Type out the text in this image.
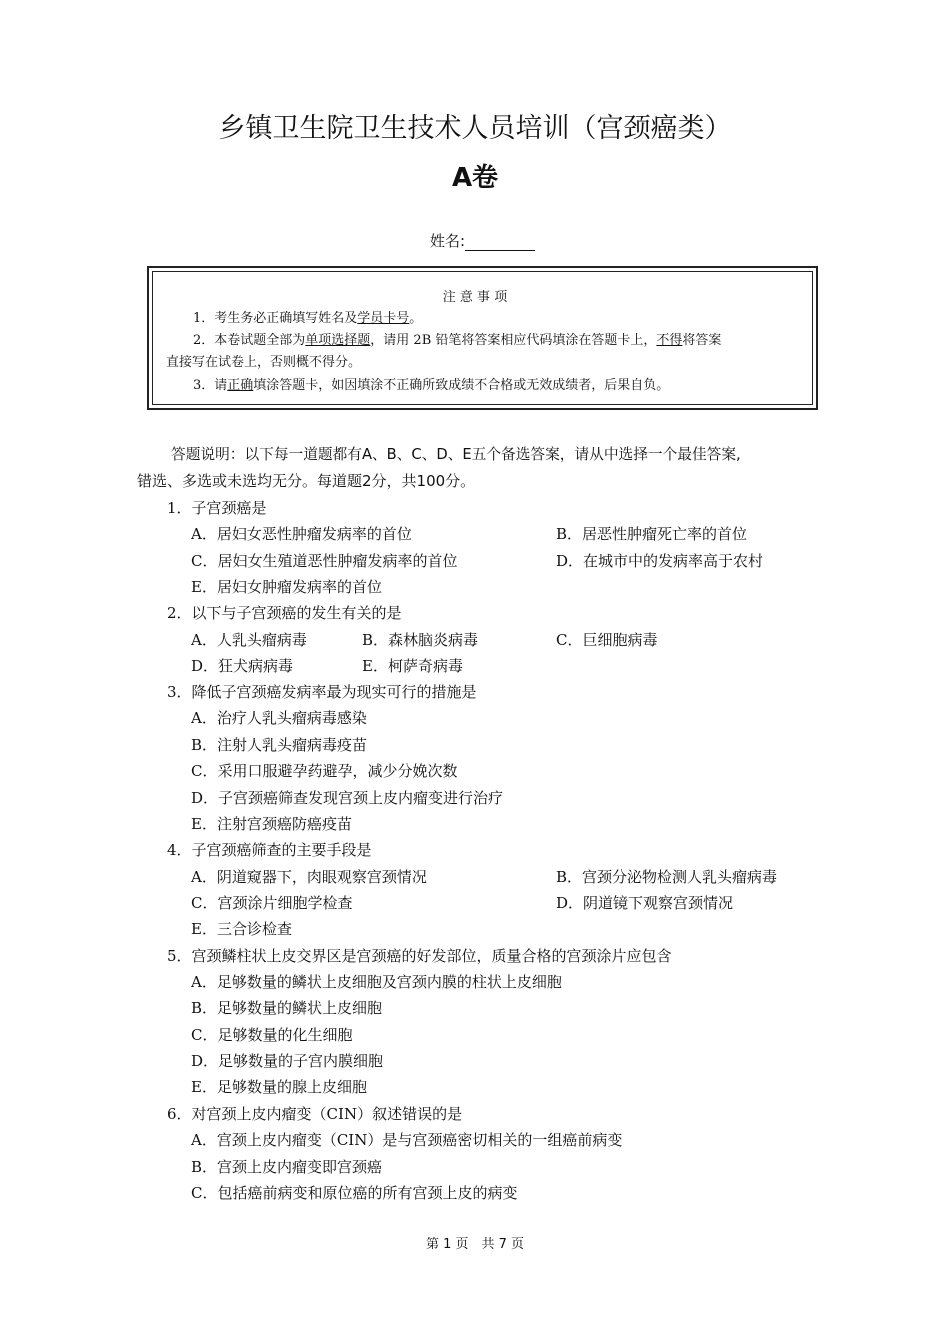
乡镇卫生院卫生技术人员培训（宫颈癌类）
A卷
姓名:
注 意 事 项
1．考生务必正确填写姓名及学员卡号。
2．本卷试题全部为单项选择题，请用 2B 铅笔将答案相应代码填涂在答题卡上，不得将答案
直接写在试卷上，否则概不得分。
3．请正确填涂答题卡，如因填涂不正确所致成绩不合格或无效成绩者，后果自负。
答题说明：以下每一道题都有A、B、C、D、E五个备选答案，请从中选择一个最佳答案,
错选、多选或未选均无分。每道题2分，共100分。
1．子宫颈癌是
A．居妇女恶性肿瘤发病率的首位	B．居恶性肿瘤死亡率的首位
C．居妇女生殖道恶性肿瘤发病率的首位	D．在城市中的发病率高于农村
E．居妇女肿瘤发病率的首位
2．以下与子宫颈癌的发生有关的是
A．人乳头瘤病毒	B．森林脑炎病毒	C．巨细胞病毒
D．狂犬病病毒	E．柯萨奇病毒
3．降低子宫颈癌发病率最为现实可行的措施是
A．治疗人乳头瘤病毒感染
B．注射人乳头瘤病毒疫苗
C．采用口服避孕药避孕，减少分娩次数
D．子宫颈癌筛查发现宫颈上皮内瘤变进行治疗
E．注射宫颈癌防癌疫苗
4．子宫颈癌筛查的主要手段是
A．阴道窥器下，肉眼观察宫颈情况	B．宫颈分泌物检测人乳头瘤病毒
C．宫颈涂片细胞学检查	D．阴道镜下观察宫颈情况
E．三合诊检查
5．宫颈鳞柱状上皮交界区是宫颈癌的好发部位，质量合格的宫颈涂片应包含
A．足够数量的鳞状上皮细胞及宫颈内膜的柱状上皮细胞
B．足够数量的鳞状上皮细胞
C．足够数量的化生细胞
D．足够数量的子宫内膜细胞
E．足够数量的腺上皮细胞
6．对宫颈上皮内瘤变（CIN）叙述错误的是
A．宫颈上皮内瘤变（CIN）是与宫颈癌密切相关的一组癌前病变
B．宫颈上皮内瘤变即宫颈癌
C．包括癌前病变和原位癌的所有宫颈上皮的病变
第 1 页　共 7 页
